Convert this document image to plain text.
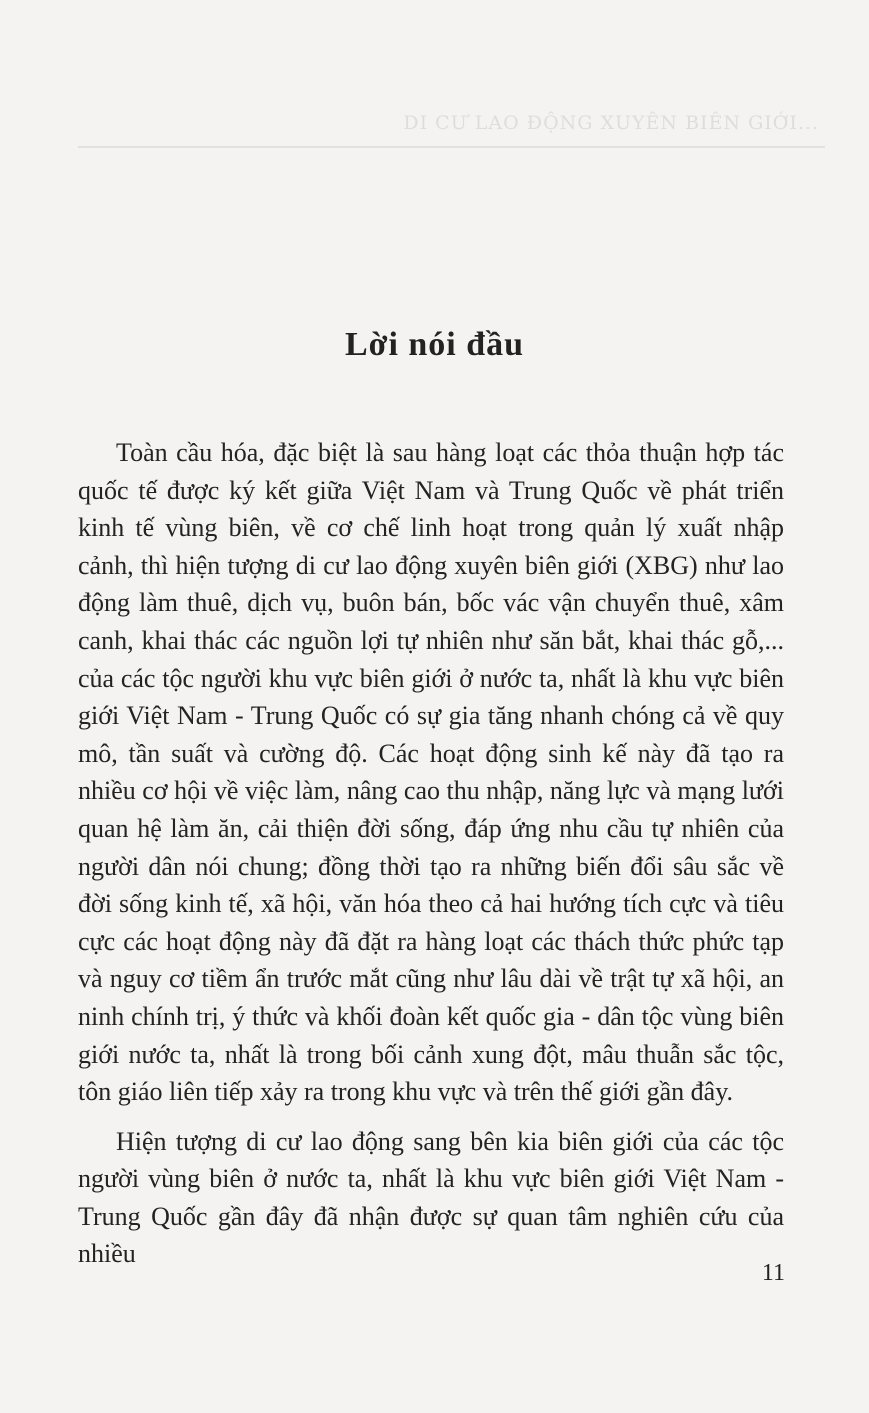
DI CƯ LAO ĐỘNG XUYÊN BIÊN GIỚI...
Lời nói đầu

Toàn cầu hóa, đặc biệt là sau hàng loạt các thỏa thuận hợp tác quốc tế được ký kết giữa Việt Nam và Trung Quốc về phát triển kinh tế vùng biên, về cơ chế linh hoạt trong quản lý xuất nhập cảnh, thì hiện tượng di cư lao động xuyên biên giới (XBG) như lao động làm thuê, dịch vụ, buôn bán, bốc vác vận chuyển thuê, xâm canh, khai thác các nguồn lợi tự nhiên như săn bắt, khai thác gỗ,... của các tộc người khu vực biên giới ở nước ta, nhất là khu vực biên giới Việt Nam - Trung Quốc có sự gia tăng nhanh chóng cả về quy mô, tần suất và cường độ. Các hoạt động sinh kế này đã tạo ra nhiều cơ hội về việc làm, nâng cao thu nhập, năng lực và mạng lưới quan hệ làm ăn, cải thiện đời sống, đáp ứng nhu cầu tự nhiên của người dân nói chung; đồng thời tạo ra những biến đổi sâu sắc về đời sống kinh tế, xã hội, văn hóa theo cả hai hướng tích cực và tiêu cực các hoạt động này đã đặt ra hàng loạt các thách thức phức tạp và nguy cơ tiềm ẩn trước mắt cũng như lâu dài về trật tự xã hội, an ninh chính trị, ý thức và khối đoàn kết quốc gia - dân tộc vùng biên giới nước ta, nhất là trong bối cảnh xung đột, mâu thuẫn sắc tộc, tôn giáo liên tiếp xảy ra trong khu vực và trên thế giới gần đây.

Hiện tượng di cư lao động sang bên kia biên giới của các tộc người vùng biên ở nước ta, nhất là khu vực biên giới Việt Nam - Trung Quốc gần đây đã nhận được sự quan tâm nghiên cứu của nhiều

11
